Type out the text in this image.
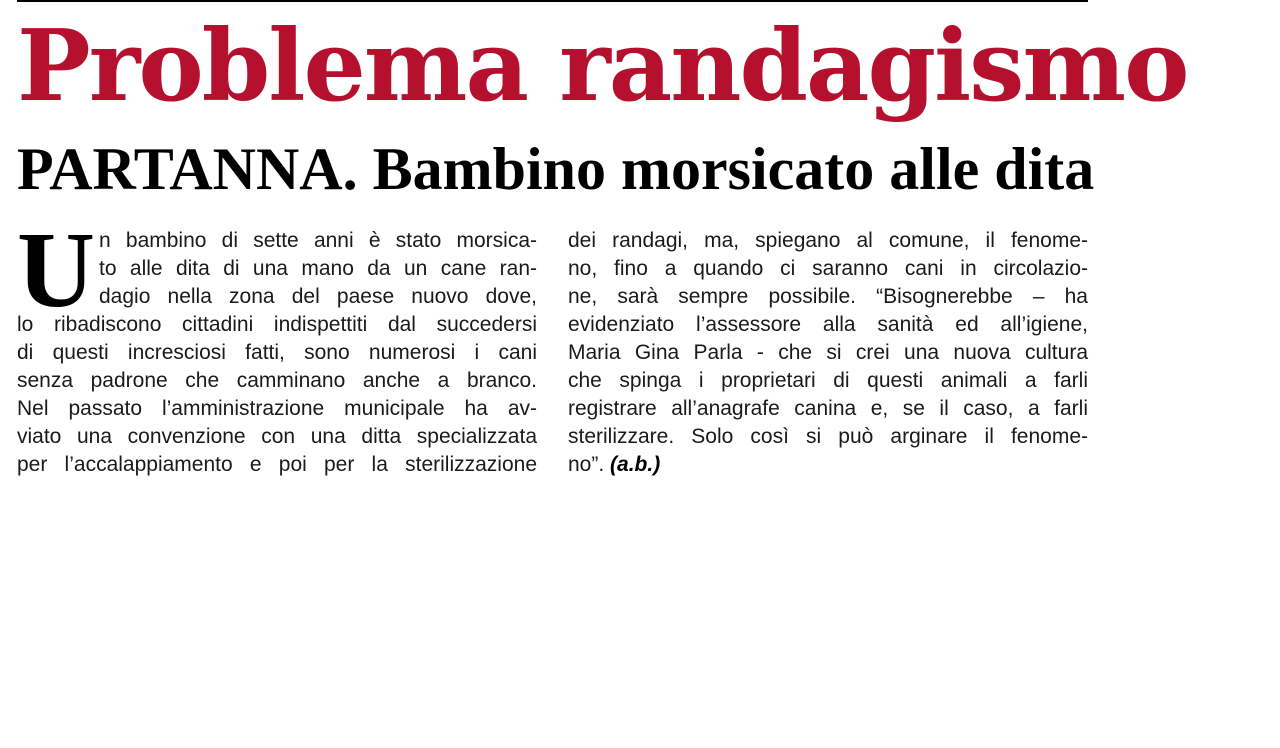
Problema randagismo
PARTANNA. Bambino morsicato alle dita
U n bambino di sette anni è stato morsica-
to alle dita di una mano da un cane ran-
dagio nella zona del paese nuovo dove,
lo ribadiscono cittadini indispettiti dal succedersi
di questi incresciosi fatti, sono numerosi i cani
senza padrone che camminano anche a branco.
Nel passato l’amministrazione municipale ha av-
viato una convenzione con una ditta specializzata
per l’accalappiamento e poi per la sterilizzazione
dei randagi, ma, spiegano al comune, il fenome-
no, fino a quando ci saranno cani in circolazio-
ne, sarà sempre possibile. “Bisognerebbe – ha
evidenziato l’assessore alla sanità ed all’igiene,
Maria Gina Parla - che si crei una nuova cultura
che spinga i proprietari di questi animali a farli
registrare all’anagrafe canina e, se il caso, a farli
sterilizzare. Solo così si può arginare il fenome-
no”. (a.b.)
